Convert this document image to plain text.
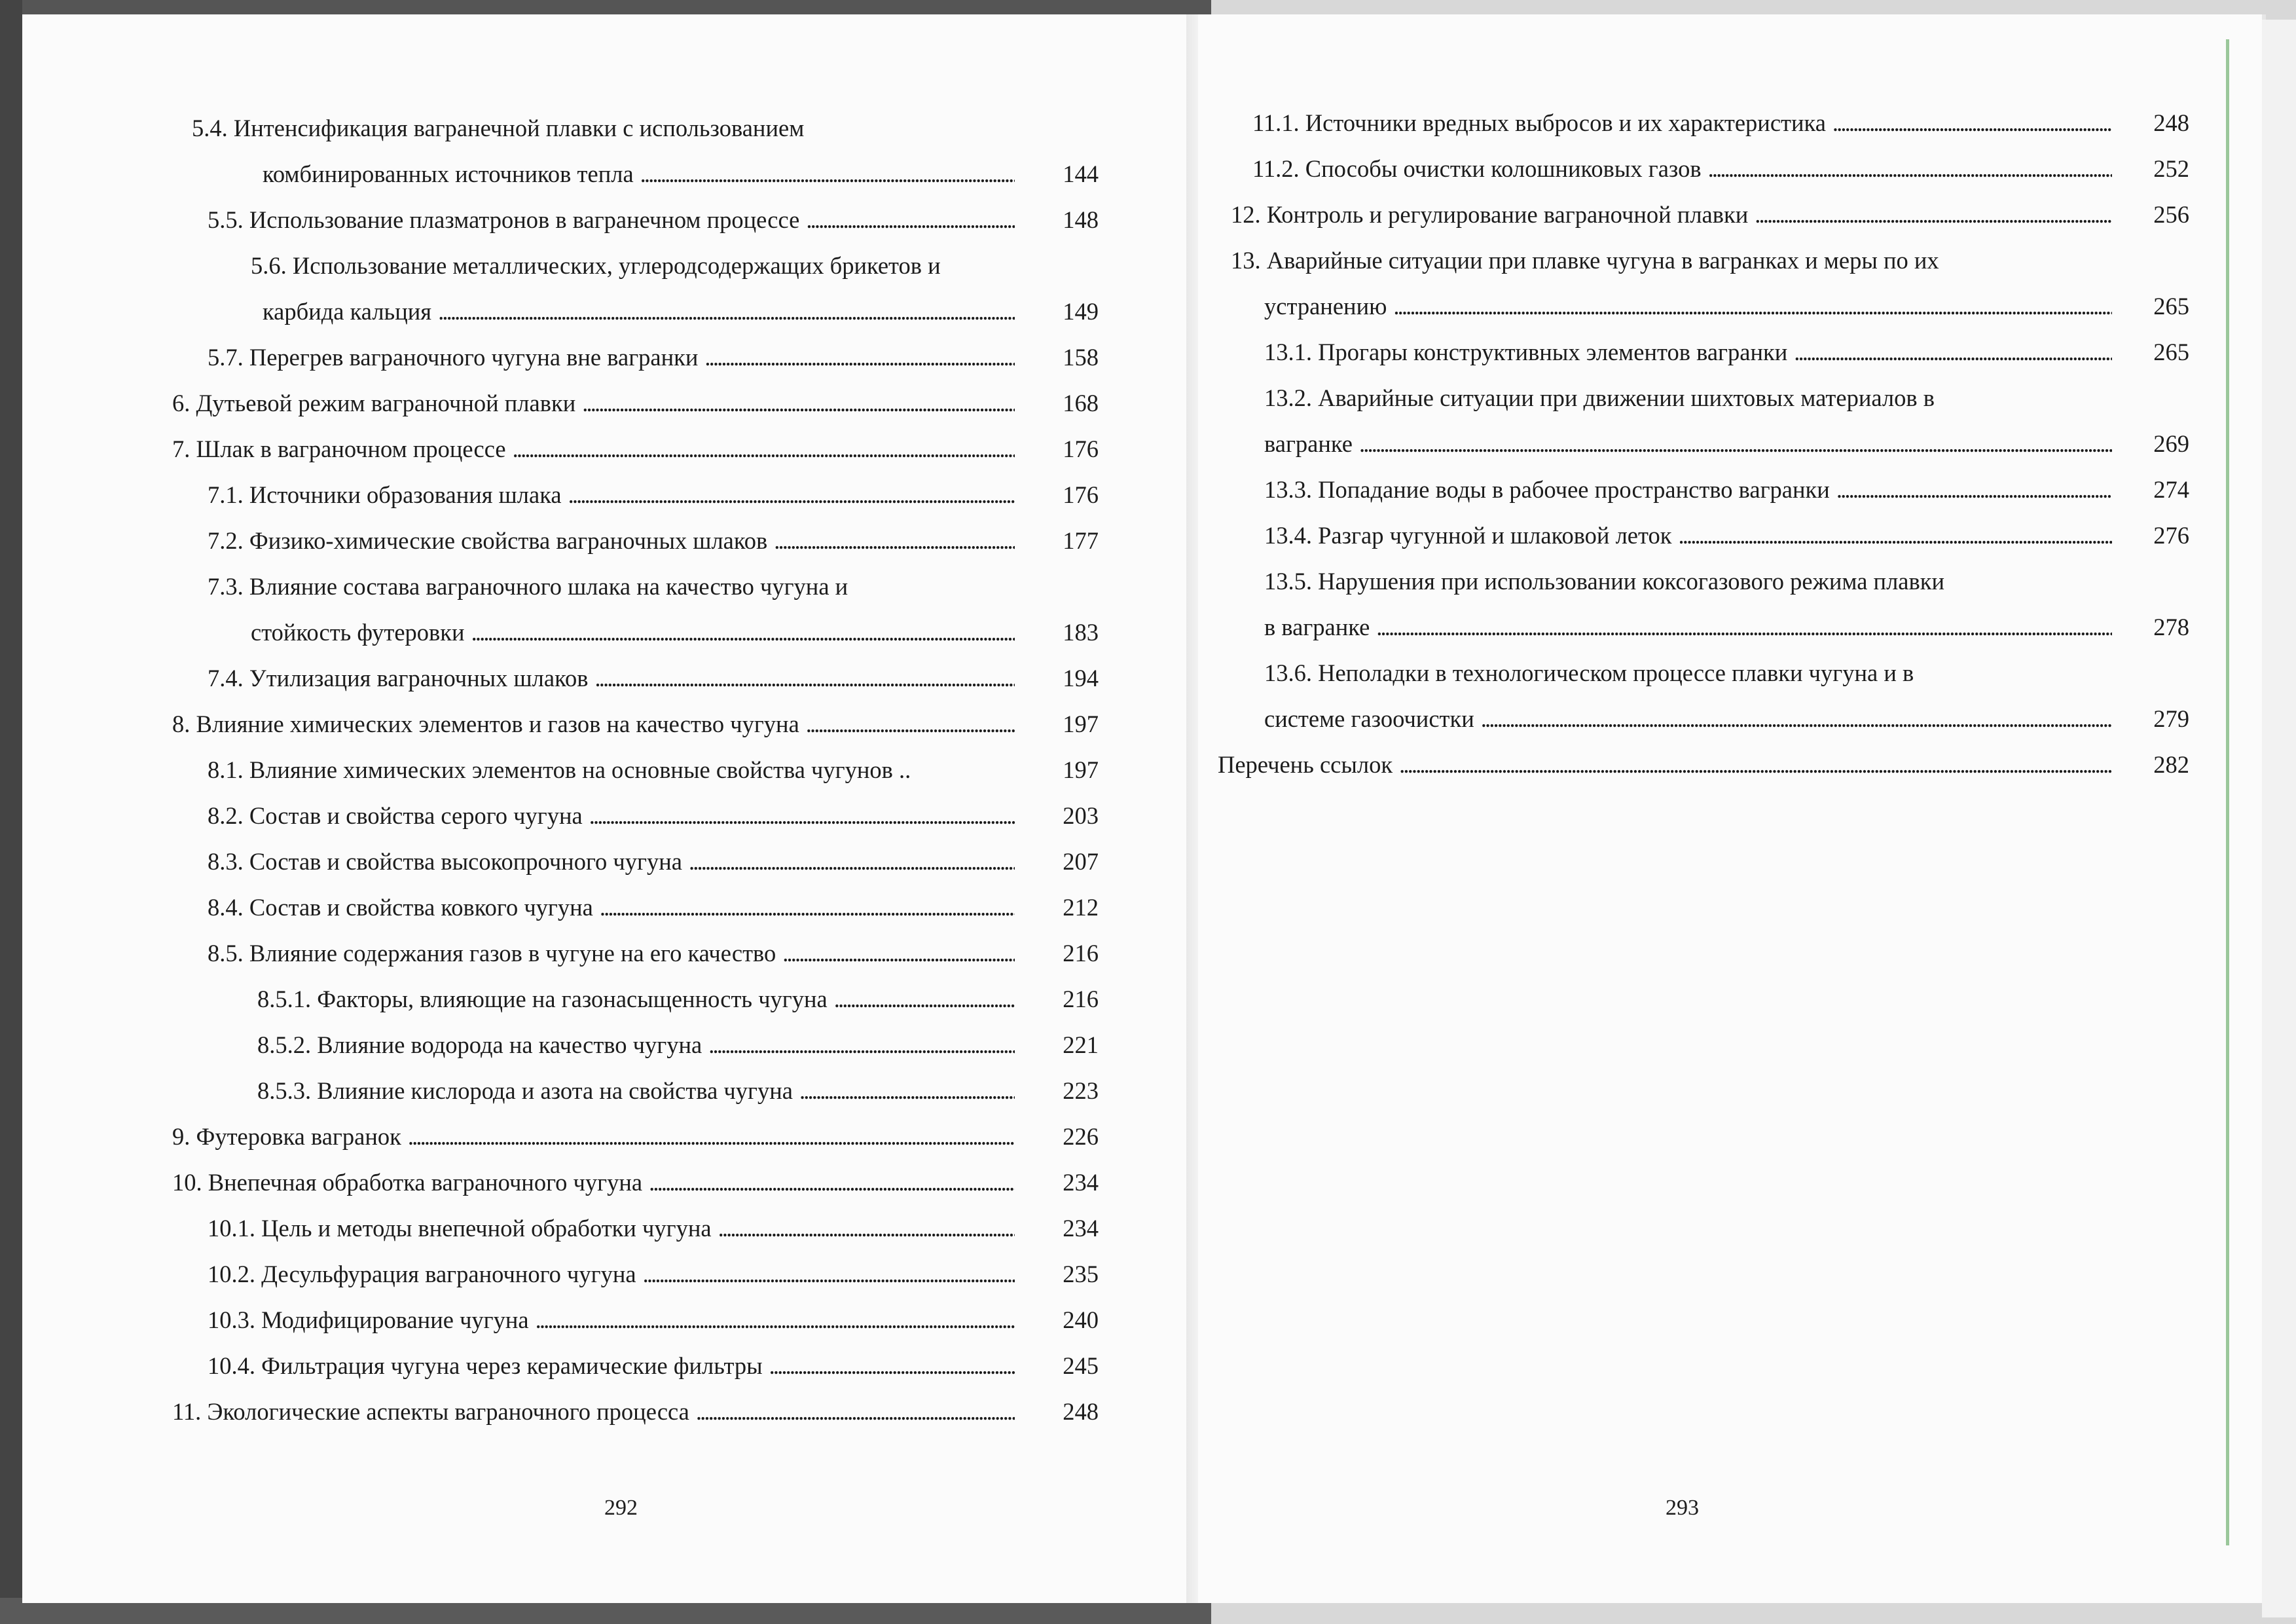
5.4. Интенсификация вагранечной плавки с использованием
комбинированных источников тепла . . .	144
5.5. Использование плазматронов в вагранечном процессе . . .	148
5.6. Использование металлических, углеродсодержащих брикетов и
карбида кальция . . .	149
5.7. Перегрев ваграночного чугуна вне вагранки . . .	158
6. Дутьевой режим ваграночной плавки . . .	168
7. Шлак в ваграночном процессе . . .	176
7.1. Источники образования шлака . . .	176
7.2. Физико-химические свойства ваграночных шлаков . . .	177
7.3. Влияние состава ваграночного шлака на качество чугуна и
стойкость футеровки . . .	183
7.4. Утилизация ваграночных шлаков . . .	194
8. Влияние химических элементов и газов на качество чугуна . . .	197
8.1. Влияние химических элементов на основные свойства чугунов ..	197
8.2. Состав и свойства серого чугуна . . .	203
8.3. Состав и свойства высокопрочного чугуна . . .	207
8.4. Состав и свойства ковкого чугуна . . .	212
8.5. Влияние содержания газов в чугуне на его качество . . .	216
8.5.1. Факторы, влияющие на газонасыщенность чугуна . . .	216
8.5.2. Влияние водорода на качество чугуна . . .	221
8.5.3. Влияние кислорода и азота на свойства чугуна . . .	223
9. Футеровка вагранок . . .	226
10. Внепечная обработка ваграночного чугуна . . .	234
10.1. Цель и методы внепечной обработки чугуна . . .	234
10.2. Десульфурация ваграночного чугуна . . .	235
10.3. Модифицирование чугуна . . .	240
10.4. Фильтрация чугуна через керамические фильтры . . .	245
11. Экологические аспекты ваграночного процесса . . .	248
292
11.1. Источники вредных выбросов и их характеристика . . .	248
11.2. Способы очистки колошниковых газов . . .	252
12. Контроль и регулирование ваграночной плавки . . .	256
13. Аварийные ситуации при плавке чугуна в вагранках и меры по их
устранению . . .	265
13.1. Прогары конструктивных элементов вагранки . . .	265
13.2. Аварийные ситуации при движении шихтовых материалов в
вагранке . . .	269
13.3. Попадание воды в рабочее пространство вагранки . . .	274
13.4. Разгар чугунной и шлаковой леток . . .	276
13.5. Нарушения при использовании коксогазового режима плавки
в вагранке . . .	278
13.6. Неполадки в технологическом процессе плавки чугуна и в
системе газоочистки . . .	279
Перечень ссылок . . .	282
293
